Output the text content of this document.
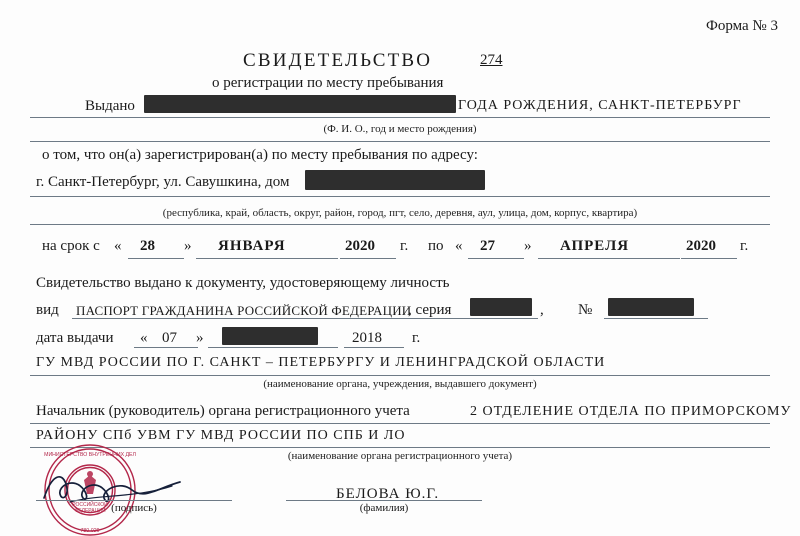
Форма № 3
СВИДЕТЕЛЬСТВО	274
о регистрации по месту пребывания
Выдано	ГОДА РОЖДЕНИЯ, САНКТ-ПЕТЕРБУРГ
(Ф. И. О., год и место рождения)
о том, что он(а) зарегистрирован(а) по месту пребывания по адресу:
г. Санкт-Петербург, ул. Савушкина, дом
(республика, край, область, округ, район, город, пгт, село, деревня, аул, улица, дом, корпус, квартира)
на срок с « 28 » ЯНВАРЯ	2020 г. по « 27 » АПРЕЛЯ	2020 г.
Свидетельство выдано к документу, удостоверяющему личность
вид ПАСПОРТ ГРАЖДАНИНА РОССИЙСКОЙ ФЕДЕРАЦИИ
, серия	, №
дата выдачи « 07 »	2018 г.
ГУ МВД РОССИИ ПО Г. САНКТ – ПЕТЕРБУРГУ И ЛЕНИНГРАДСКОЙ ОБЛАСТИ
(наименование органа, учреждения, выдавшего документ)
Начальник (руководитель) органа регистрационного учета	2 ОТДЕЛЕНИЕ ОТДЕЛА ПО ПРИМОРСКОМУ
РАЙОНУ СПб УВМ ГУ МВД РОССИИ ПО СПБ И ЛО
(наименование органа регистрационного учета)
МИНИСТЕРСТВО ВНУТРЕННИХ ДЕЛ
780-029
РОССИЙСКОЙ
ФЕДЕРАЦИИ (подпись)
БЕЛОВА Ю.Г.
(фамилия)
